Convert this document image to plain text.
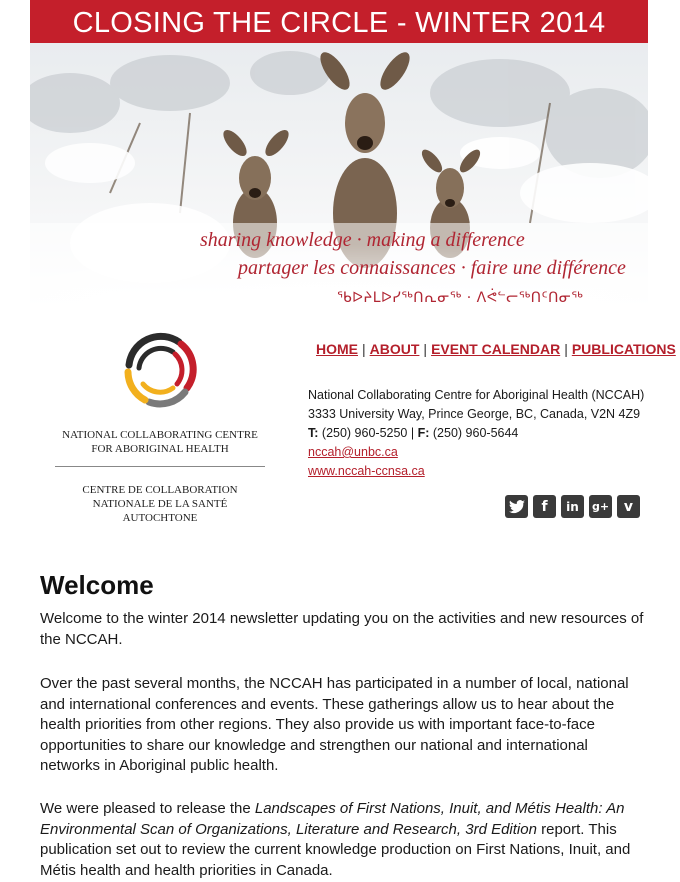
CLOSING THE CIRCLE - WINTER 2014
sharing knowledge · making a difference
partager les connaissances · faire une différence
ᖃᐅᔨᒪᐅᓯᖅᑎᕆᓂᖅ · ᐱᕚᓪᓕᖅᑎᑦᑎᓂᖅ
NATIONAL COLLABORATING CENTRE FOR ABORIGINAL HEALTH
CENTRE DE COLLABORATION NATIONALE DE LA SANTÉ AUTOCHTONE
HOME | ABOUT | EVENT CALENDAR | PUBLICATIONS
National Collaborating Centre for Aboriginal Health (NCCAH)
3333 University Way, Prince George, BC, Canada, V2N 4Z9
T: (250) 960-5250 | F: (250) 960-5644
nccah@unbc.ca
www.nccah-ccnsa.ca
f	in	g+	v
Welcome
Welcome to the winter 2014 newsletter updating you on the activities and new resources of the NCCAH.
Over the past several months, the NCCAH has participated in a number of local, national and international conferences and events. These gatherings allow us to hear about the health priorities from other regions. They also provide us with important face-to-face opportunities to share our knowledge and strengthen our national and international networks in Aboriginal public health.
We were pleased to release the Landscapes of First Nations, Inuit, and Métis Health: An Environmental Scan of Organizations, Literature and Research, 3rd Edition report. This publication set out to review the current knowledge production on First Nations, Inuit, and Métis health and health priorities in Canada.
